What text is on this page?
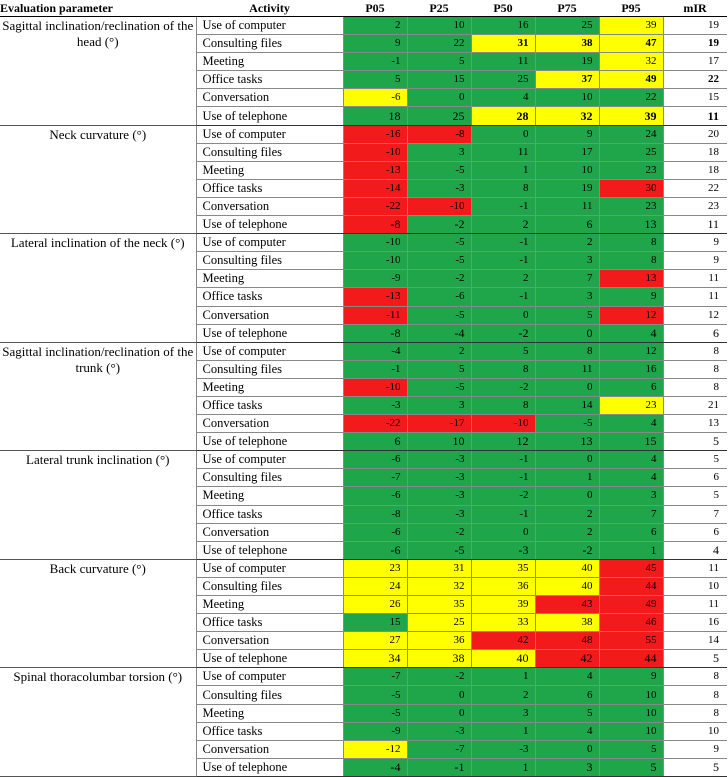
Evaluation parameter	Activity	P05	P25	P50	P75	P95	mIR
Sagittal inclination/reclination of the head (°)	Use of computer	2	10	16	25	39	19
	Consulting files	9	22	31	38	47	19
	Meeting	-1	5	11	19	32	17
	Office tasks	5	15	25	37	49	22
	Conversation	-6	0	4	10	22	15
	Use of telephone	18	25	28	32	39	11
Neck curvature (°)	Use of computer	-16	-8	0	9	24	20
	Consulting files	-10	3	11	17	25	18
	Meeting	-13	-5	1	10	23	18
	Office tasks	-14	-3	8	19	30	22
	Conversation	-22	-10	-1	11	23	23
	Use of telephone	-8	-2	2	6	13	11
Lateral inclination of the neck (°)	Use of computer	-10	-5	-1	2	8	9
	Consulting files	-10	-5	-1	3	8	9
	Meeting	-9	-2	2	7	13	11
	Office tasks	-13	-6	-1	3	9	11
	Conversation	-11	-5	0	5	12	12
	Use of telephone	-8	-4	-2	0	4	6
Sagittal inclination/reclination of the trunk (°)	Use of computer	-4	2	5	8	12	8
	Consulting files	-1	5	8	11	16	8
	Meeting	-10	-5	-2	0	6	8
	Office tasks	-3	3	8	14	23	21
	Conversation	-22	-17	-10	-5	4	13
	Use of telephone	6	10	12	13	15	5
Lateral trunk inclination (°)	Use of computer	-6	-3	-1	0	4	5
	Consulting files	-7	-3	-1	1	4	6
	Meeting	-6	-3	-2	0	3	5
	Office tasks	-8	-3	-1	2	7	7
	Conversation	-6	-2	0	2	6	6
	Use of telephone	-6	-5	-3	-2	1	4
Back curvature (°)	Use of computer	23	31	35	40	45	11
	Consulting files	24	32	36	40	44	10
	Meeting	26	35	39	43	49	11
	Office tasks	15	25	33	38	46	16
	Conversation	27	36	42	48	55	14
	Use of telephone	34	38	40	42	44	5
Spinal thoracolumbar torsion (°)	Use of computer	-7	-2	1	4	9	8
	Consulting files	-5	0	2	6	10	8
	Meeting	-5	0	3	5	10	8
	Office tasks	-9	-3	1	4	10	10
	Conversation	-12	-7	-3	0	5	9
	Use of telephone	-4	-1	1	3	5	5
